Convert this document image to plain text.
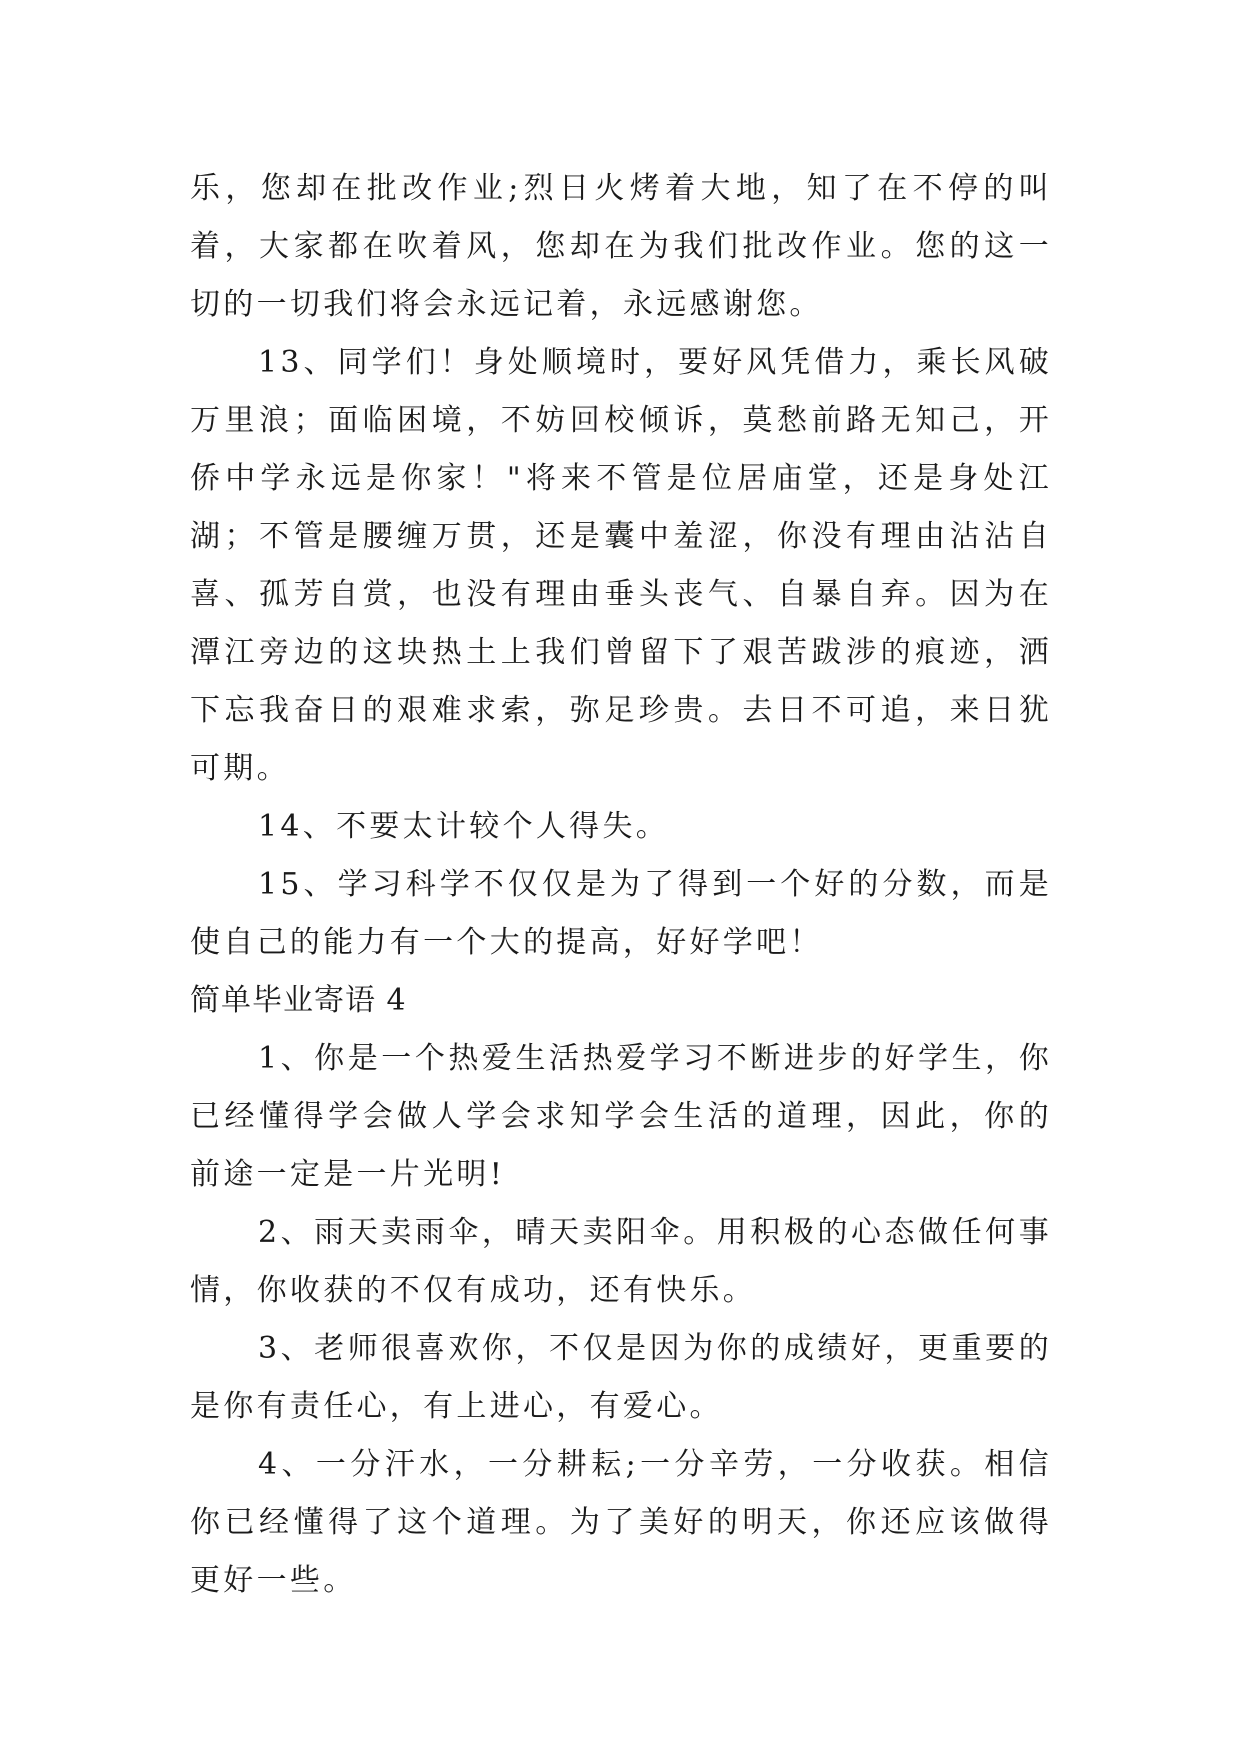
乐，您却在批改作业;烈日火烤着大地，知了在不停的叫着，大家都在吹着风，您却在为我们批改作业。您的这一切的一切我们将会永远记着，永远感谢您。

13、同学们！身处顺境时，要好风凭借力，乘长风破万里浪；面临困境，不妨回校倾诉，莫愁前路无知己，开侨中学永远是你家！"将来不管是位居庙堂，还是身处江湖；不管是腰缠万贯，还是囊中羞涩，你没有理由沾沾自喜、孤芳自赏，也没有理由垂头丧气、自暴自弃。因为在潭江旁边的这块热土上我们曾留下了艰苦跋涉的痕迹，洒下忘我奋日的艰难求索，弥足珍贵。去日不可追，来日犹可期。

14、不要太计较个人得失。

15、学习科学不仅仅是为了得到一个好的分数，而是使自己的能力有一个大的提高，好好学吧！

简单毕业寄语 4

1、你是一个热爱生活热爱学习不断进步的好学生，你已经懂得学会做人学会求知学会生活的道理，因此，你的前途一定是一片光明!

2、雨天卖雨伞，晴天卖阳伞。用积极的心态做任何事情，你收获的不仅有成功，还有快乐。

3、老师很喜欢你，不仅是因为你的成绩好，更重要的是你有责任心，有上进心，有爱心。

4、一分汗水，一分耕耘;一分辛劳，一分收获。相信你已经懂得了这个道理。为了美好的明天，你还应该做得更好一些。
